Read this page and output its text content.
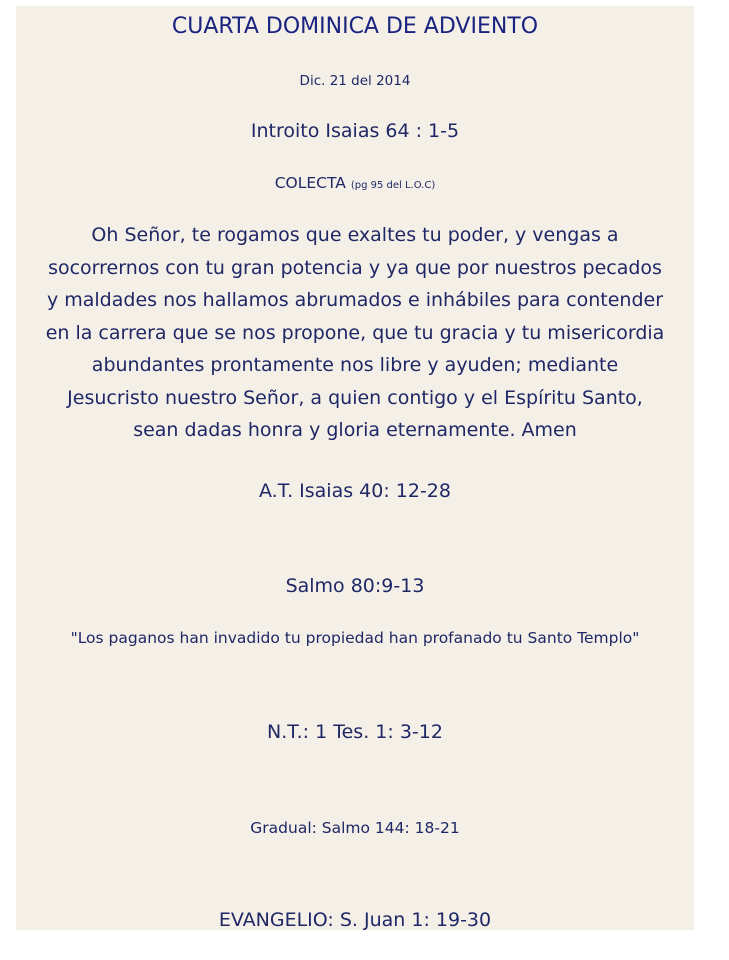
CUARTA DOMINICA DE ADVIENTO
Dic. 21 del 2014
Introito Isaias 64 : 1-5
COLECTA (pg 95 del L.O.C)
Oh Señor, te rogamos que exaltes tu poder, y vengas a
socorrernos con tu gran potencia y ya que por nuestros pecados
y maldades nos hallamos abrumados e inhábiles para contender
en la carrera que se nos propone, que tu gracia y tu misericordia
abundantes prontamente nos libre y ayuden; mediante
Jesucristo nuestro Señor, a quien contigo y el Espíritu Santo,
sean dadas honra y gloria eternamente. Amen
A.T. Isaias 40: 12-28
Salmo 80:9-13
"Los paganos han invadido tu propiedad han profanado tu Santo Templo"
N.T.: 1 Tes. 1: 3-12
Gradual: Salmo 144: 18-21
EVANGELIO: S. Juan 1: 19-30
